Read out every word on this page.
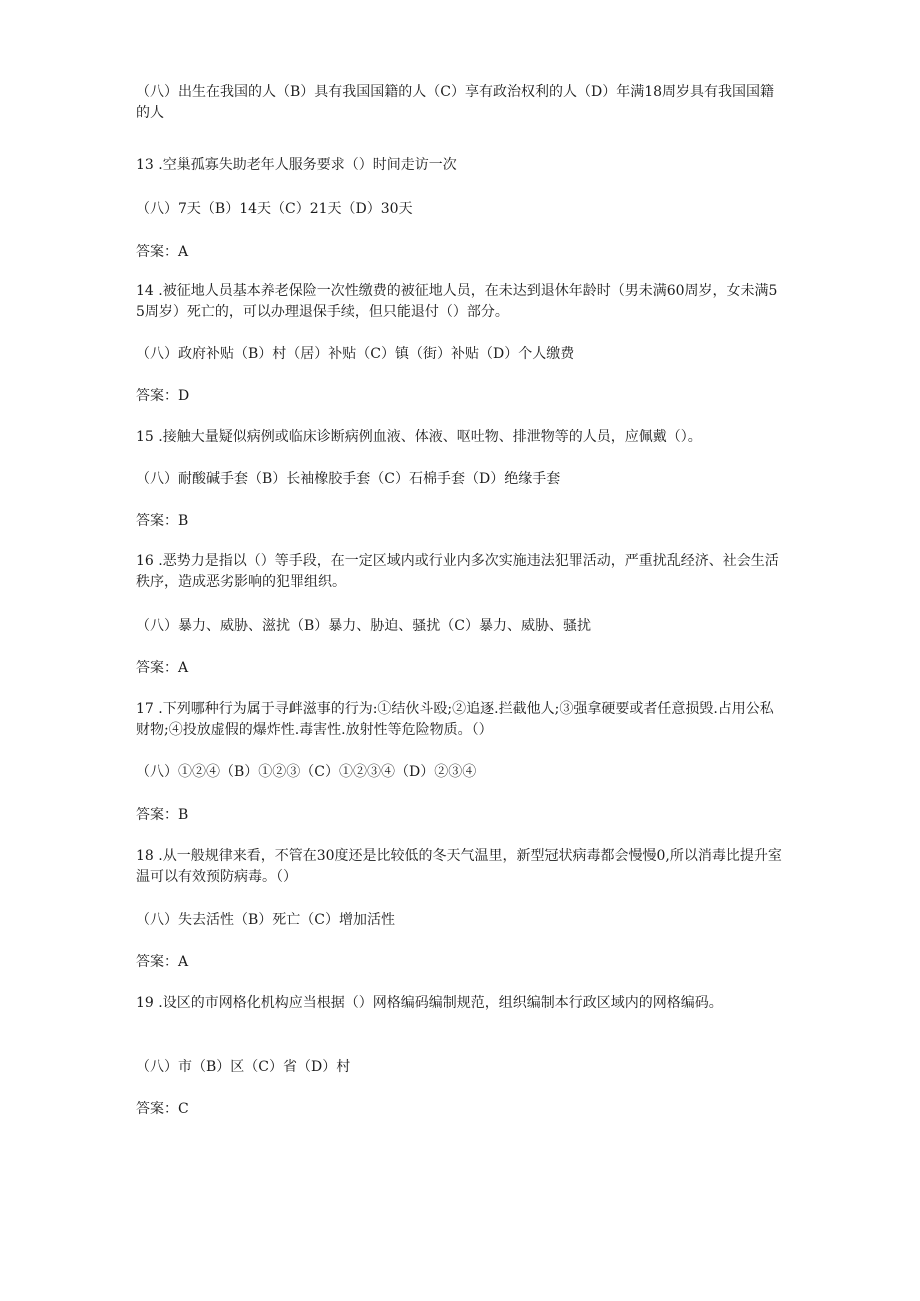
（八）出生在我国的人（B）具有我国国籍的人（C）享有政治权利的人（D）年满18周岁具有我国国籍的人

13 .空巢孤寡失助老年人服务要求（）时间走访一次

（八）7天（B）14天（C）21天（D）30天

答案：A

14 .被征地人员基本养老保险一次性缴费的被征地人员，在未达到退休年龄时（男未满60周岁，女未满55周岁）死亡的，可以办理退保手续，但只能退付（）部分。

（八）政府补贴（B）村（居）补贴（C）镇（街）补贴（D）个人缴费

答案：D

15 .接触大量疑似病例或临床诊断病例血液、体液、呕吐物、排泄物等的人员，应佩戴（）。

（八）耐酸碱手套（B）长袖橡胶手套（C）石棉手套（D）绝缘手套

答案：B

16 .恶势力是指以（）等手段，在一定区域内或行业内多次实施违法犯罪活动，严重扰乱经济、社会生活秩序，造成恶劣影响的犯罪组织。

（八）暴力、威胁、滋扰（B）暴力、胁迫、骚扰（C）暴力、威胁、骚扰

答案：A

17 .下列哪种行为属于寻衅滋事的行为:①结伙斗殴;②追逐.拦截他人;③强拿硬要或者任意损毁.占用公私财物;④投放虚假的爆炸性.毒害性.放射性等危险物质。（）

（八）①②④（B）①②③（C）①②③④（D）②③④

答案：B

18 .从一般规律来看，不管在30度还是比较低的冬天气温里，新型冠状病毒都会慢慢0,所以消毒比提升室温可以有效预防病毒。（）

（八）失去活性（B）死亡（C）增加活性

答案：A

19 .设区的市网格化机构应当根据（）网格编码编制规范，组织编制本行政区域内的网格编码。

（八）市（B）区（C）省（D）村

答案：C
